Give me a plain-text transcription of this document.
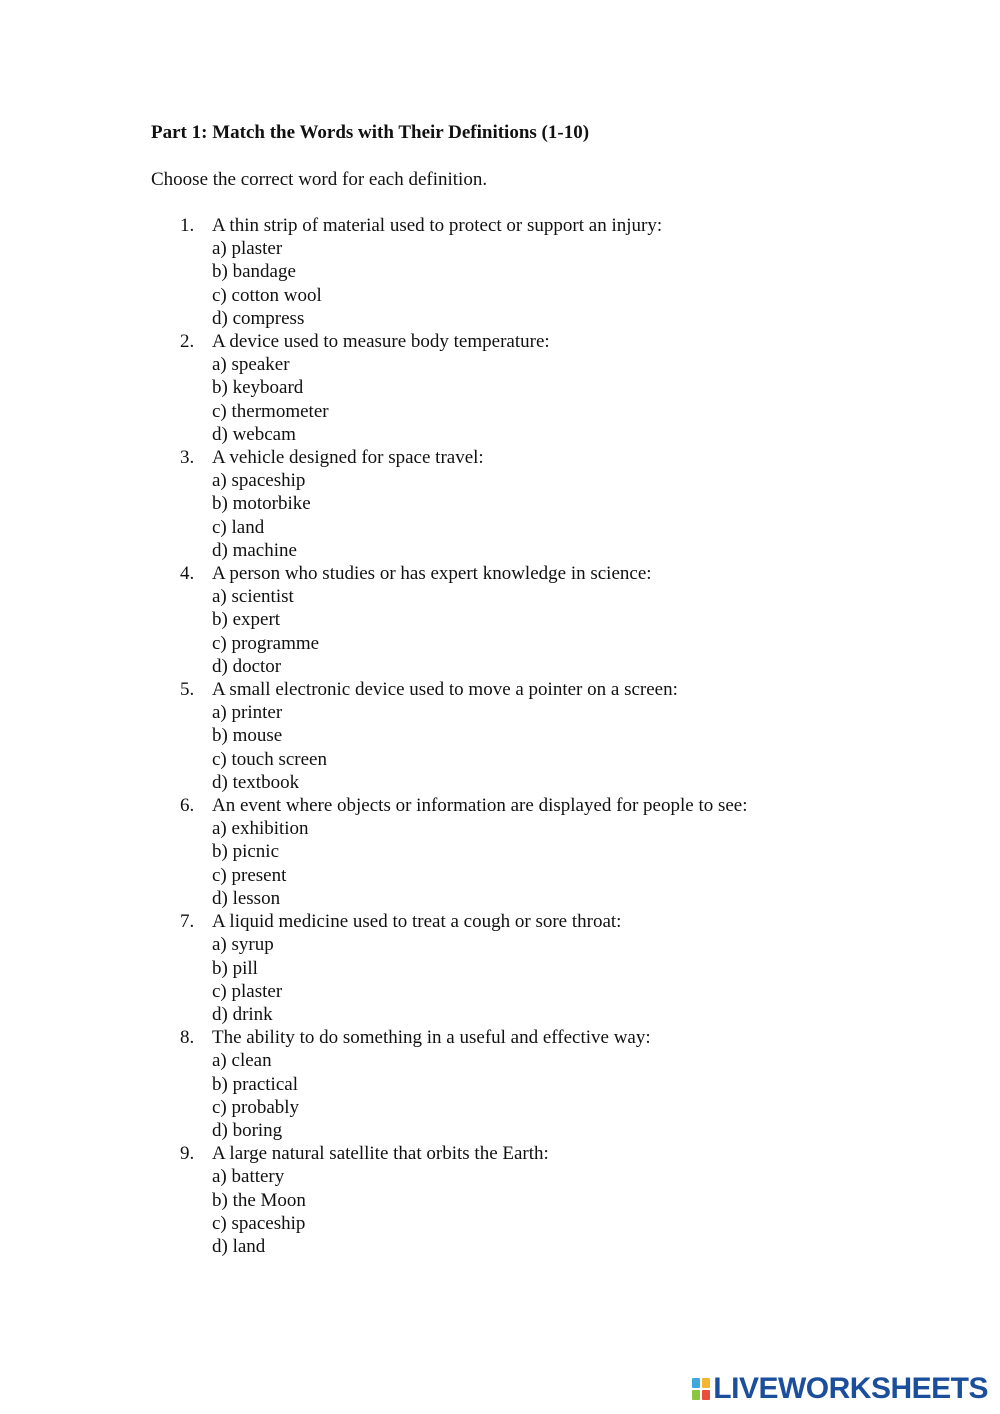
Part 1: Match the Words with Their Definitions (1-10)

Choose the correct word for each definition.

1. A thin strip of material used to protect or support an injury:
a) plaster
b) bandage
c) cotton wool
d) compress
2. A device used to measure body temperature:
a) speaker
b) keyboard
c) thermometer
d) webcam
3. A vehicle designed for space travel:
a) spaceship
b) motorbike
c) land
d) machine
4. A person who studies or has expert knowledge in science:
a) scientist
b) expert
c) programme
d) doctor
5. A small electronic device used to move a pointer on a screen:
a) printer
b) mouse
c) touch screen
d) textbook
6. An event where objects or information are displayed for people to see:
a) exhibition
b) picnic
c) present
d) lesson
7. A liquid medicine used to treat a cough or sore throat:
a) syrup
b) pill
c) plaster
d) drink
8. The ability to do something in a useful and effective way:
a) clean
b) practical
c) probably
d) boring
9. A large natural satellite that orbits the Earth:
a) battery
b) the Moon
c) spaceship
d) land
LIVEWORKSHEETS
